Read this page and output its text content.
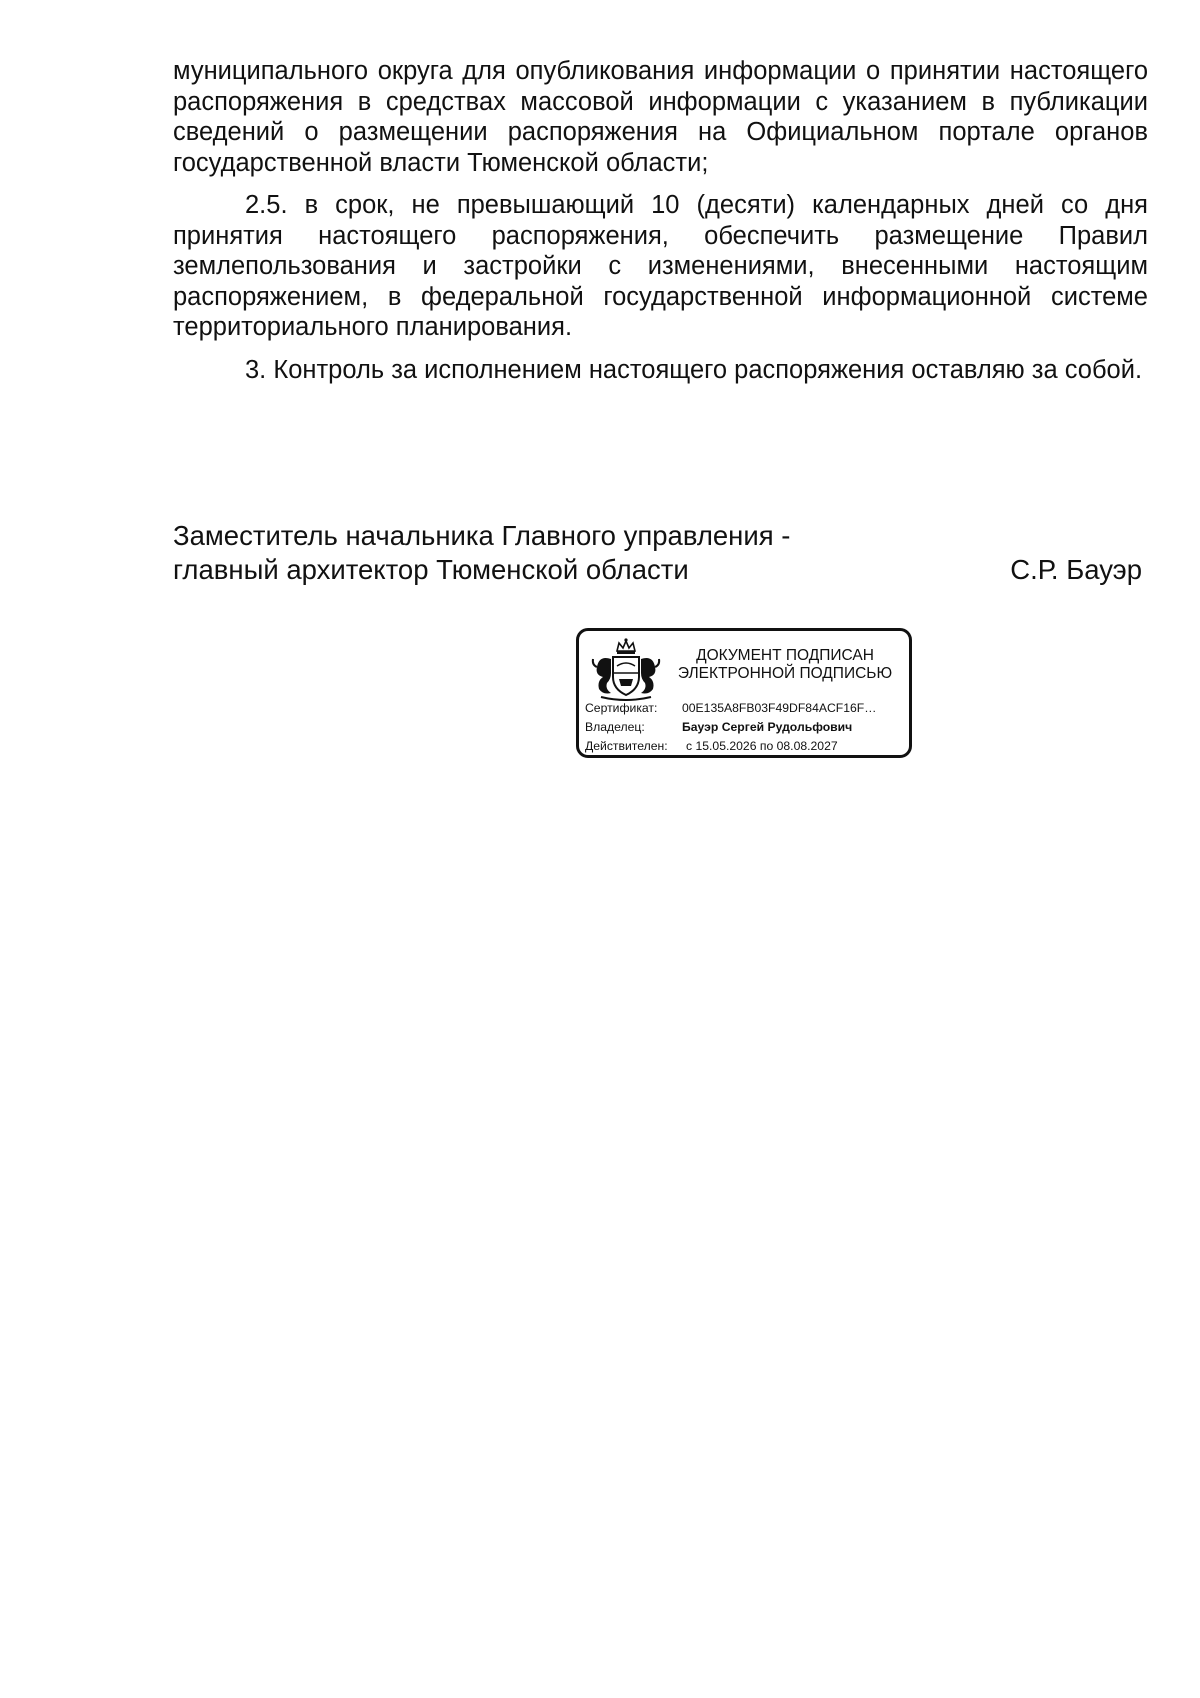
муниципального округа для опубликования информации о принятии настоящего распоряжения в средствах массовой информации с указанием в публикации сведений о размещении распоряжения на Официальном портале органов государственной власти Тюменской области;

2.5. в срок, не превышающий 10 (десяти) календарных дней со дня принятия настоящего распоряжения, обеспечить размещение Правил землепользования и застройки с изменениями, внесенными настоящим распоряжением, в федеральной государственной информационной системе территориального планирования.

3. Контроль за исполнением настоящего распоряжения оставляю за собой.

Заместитель начальника Главного управления -
главный архитектор Тюменской области	С.Р. Бауэр
ДОКУМЕНТ ПОДПИСАН
ЭЛЕКТРОННОЙ ПОДПИСЬЮ
Сертификат: 00E135A8FB03F49DF84ACF16F…
Владелец:	Бауэр Сергей Рудольфович
Действителен: с 15.05.2026 по 08.08.2027
